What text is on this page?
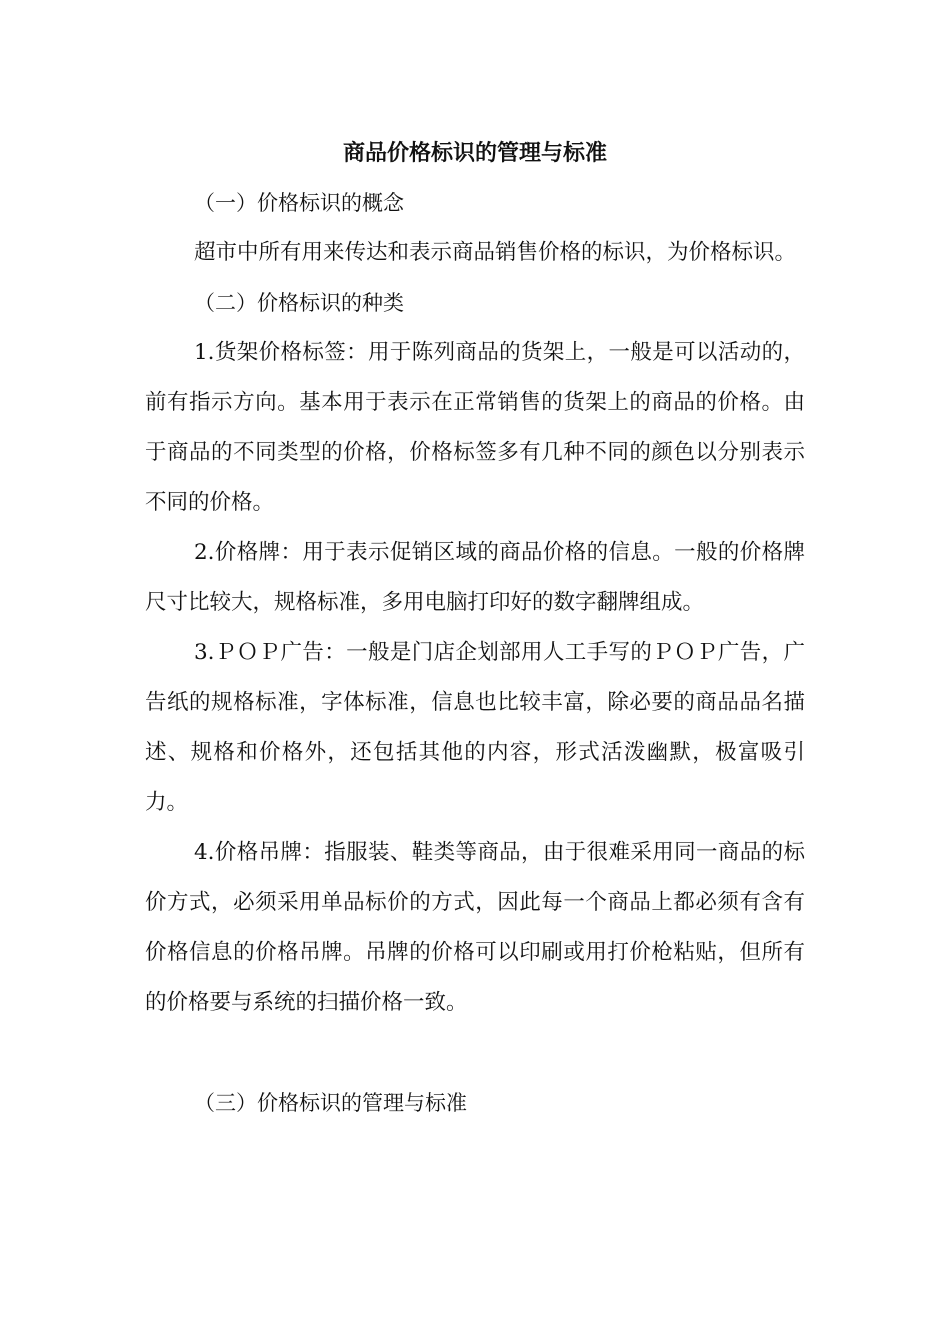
商品价格标识的管理与标准

（一）价格标识的概念

超市中所有用来传达和表示商品销售价格的标识，为价格标识。

（二）价格标识的种类

1.货架价格标签：用于陈列商品的货架上，一般是可以活动的，前有指示方向。基本用于表示在正常销售的货架上的商品的价格。由于商品的不同类型的价格，价格标签多有几种不同的颜色以分别表示不同的价格。

2.价格牌：用于表示促销区域的商品价格的信息。一般的价格牌尺寸比较大，规格标准，多用电脑打印好的数字翻牌组成。

3.ＰＯＰ广告：一般是门店企划部用人工手写的ＰＯＰ广告，广告纸的规格标准，字体标准，信息也比较丰富，除必要的商品品名描述、规格和价格外，还包括其他的内容，形式活泼幽默，极富吸引力。

4.价格吊牌：指服装、鞋类等商品，由于很难采用同一商品的标价方式，必须采用单品标价的方式，因此每一个商品上都必须有含有价格信息的价格吊牌。吊牌的价格可以印刷或用打价枪粘贴，但所有的价格要与系统的扫描价格一致。

（三）价格标识的管理与标准
